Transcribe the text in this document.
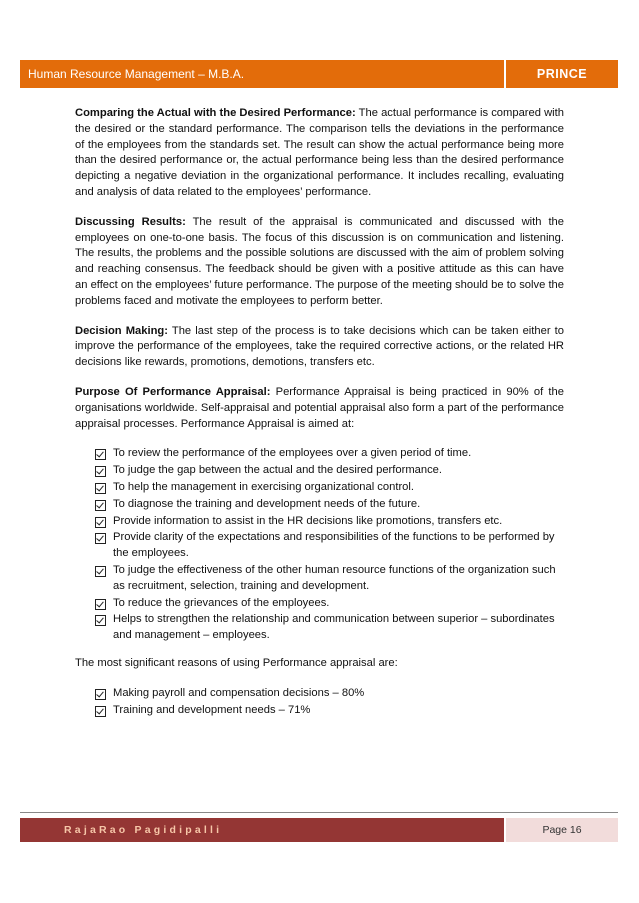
Human Resource Management – M.B.A.	PRINCE

Comparing the Actual with the Desired Performance: The actual performance is compared with the desired or the standard performance. The comparison tells the deviations in the performance of the employees from the standards set. The result can show the actual performance being more than the desired performance or, the actual performance being less than the desired performance depicting a negative deviation in the organizational performance. It includes recalling, evaluating and analysis of data related to the employees’ performance.

Discussing Results: The result of the appraisal is communicated and discussed with the employees on one-to-one basis. The focus of this discussion is on communication and listening. The results, the problems and the possible solutions are discussed with the aim of problem solving and reaching consensus. The feedback should be given with a positive attitude as this can have an effect on the employees’ future performance. The purpose of the meeting should be to solve the problems faced and motivate the employees to perform better.

Decision Making: The last step of the process is to take decisions which can be taken either to improve the performance of the employees, take the required corrective actions, or the related HR decisions like rewards, promotions, demotions, transfers etc.

Purpose Of Performance Appraisal: Performance Appraisal is being practiced in 90% of the organisations worldwide. Self-appraisal and potential appraisal also form a part of the performance appraisal processes. Performance Appraisal is aimed at:

To review the performance of the employees over a given period of time.
To judge the gap between the actual and the desired performance.
To help the management in exercising organizational control.
To diagnose the training and development needs of the future.
Provide information to assist in the HR decisions like promotions, transfers etc.
Provide clarity of the expectations and responsibilities of the functions to be performed by the employees.
To judge the effectiveness of the other human resource functions of the organization such as recruitment, selection, training and development.
To reduce the grievances of the employees.
Helps to strengthen the relationship and communication between superior – subordinates and management – employees.

The most significant reasons of using Performance appraisal are:

Making payroll and compensation decisions – 80%
Training and development needs – 71%
RajaRao Pagidipalli	Page 16
